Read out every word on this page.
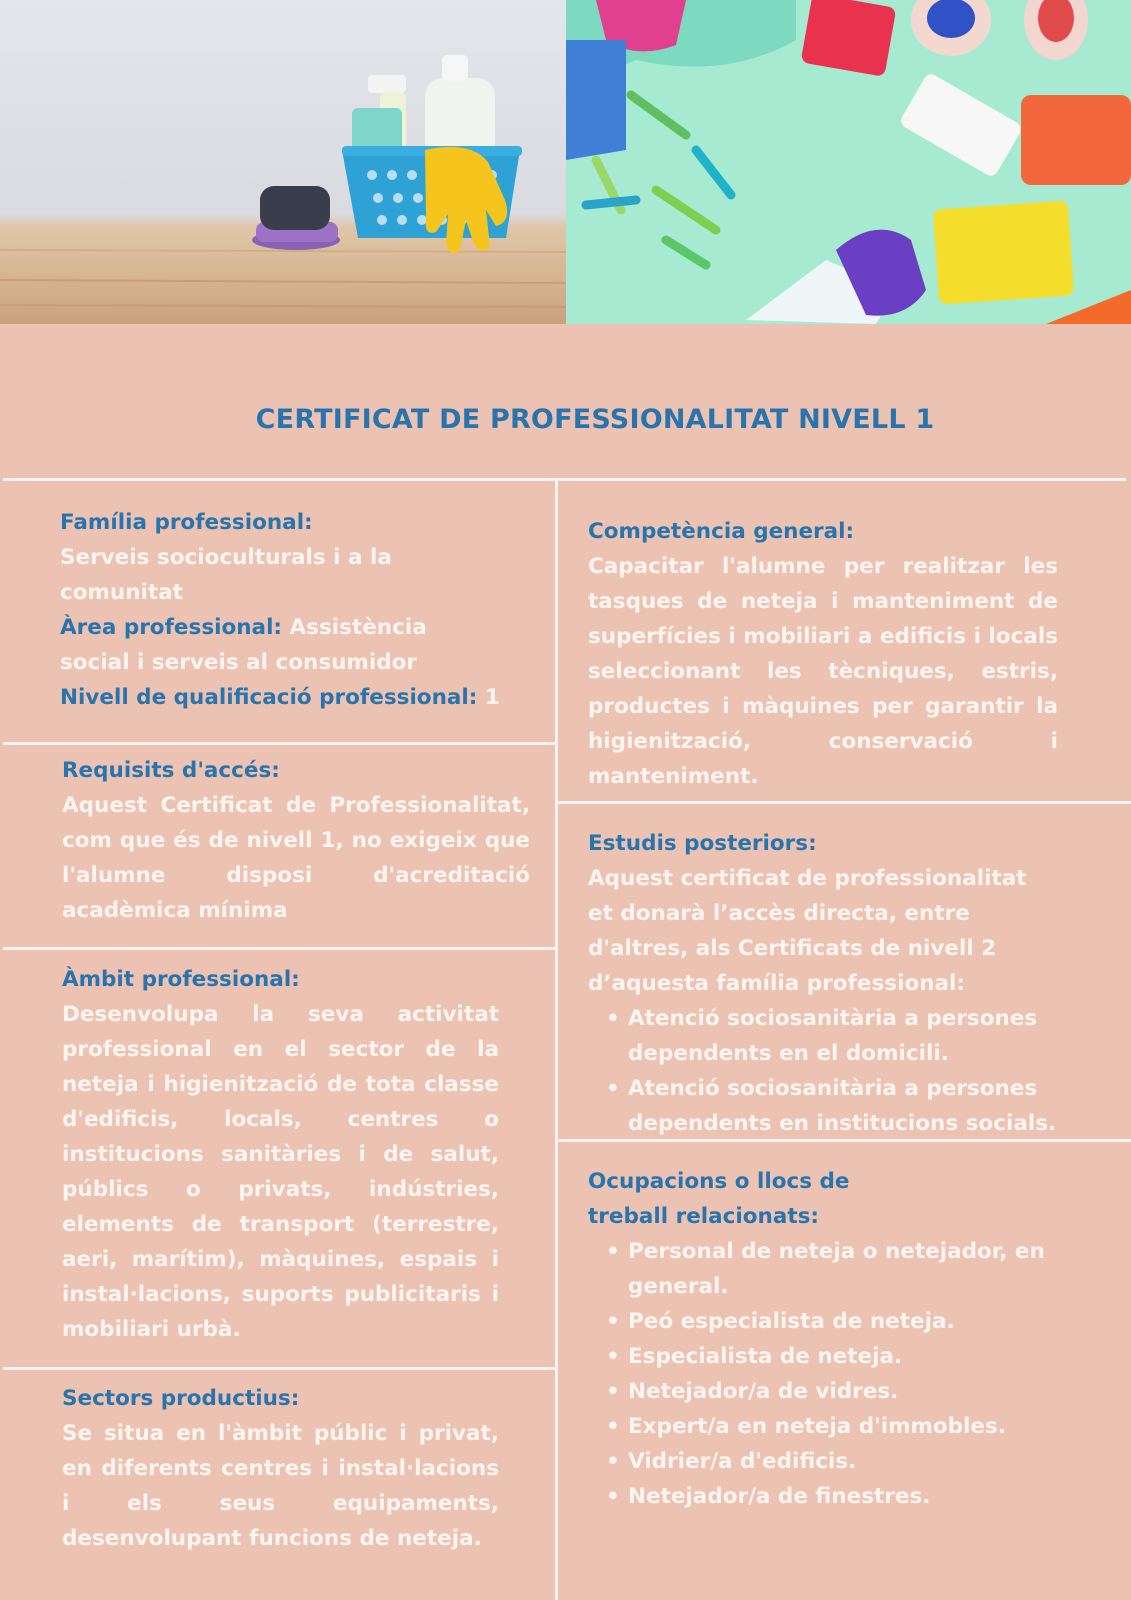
CERTIFICAT DE PROFESSIONALITAT NIVELL 1
Família professional:
Serveis socioculturals i a la comunitat
Àrea professional: Assistència social i serveis al consumidor
Nivell de qualificació professional: 1
Requisits d'accés:
Aquest Certificat de Professionalitat, com que és de nivell 1, no exigeix que l'alumne disposi d'acreditació acadèmica mínima
Àmbit professional:
Desenvolupa la seva activitat professional en el sector de la neteja i higienització de tota classe d'edificis, locals, centres o institucions sanitàries i de salut, públics o privats, indústries, elements de transport (terrestre, aeri, marítim), màquines, espais i instal·lacions, suports publicitaris i mobiliari urbà.
Sectors productius:
Se situa en l'àmbit públic i privat, en diferents centres i instal·lacions i els seus equipaments, desenvolupant funcions de neteja.
Competència general:
Capacitar l'alumne per realitzar les tasques de neteja i manteniment de superfícies i mobiliari a edificis i locals seleccionant les tècniques, estris, productes i màquines per garantir la higienització, conservació i manteniment.
Estudis posteriors:
Aquest certificat de professionalitat et donarà l’accès directa, entre d'altres, als Certificats de nivell 2 d’aquesta família professional:
• Atenció sociosanitària a persones dependents en el domicili.
• Atenció sociosanitària a persones dependents en institucions socials.
Ocupacions o llocs de treball relacionats:
• Personal de neteja o netejador, en general.
• Peó especialista de neteja.
• Especialista de neteja.
• Netejador/a de vidres.
• Expert/a en neteja d'immobles.
• Vidrier/a d'edificis.
• Netejador/a de finestres.
